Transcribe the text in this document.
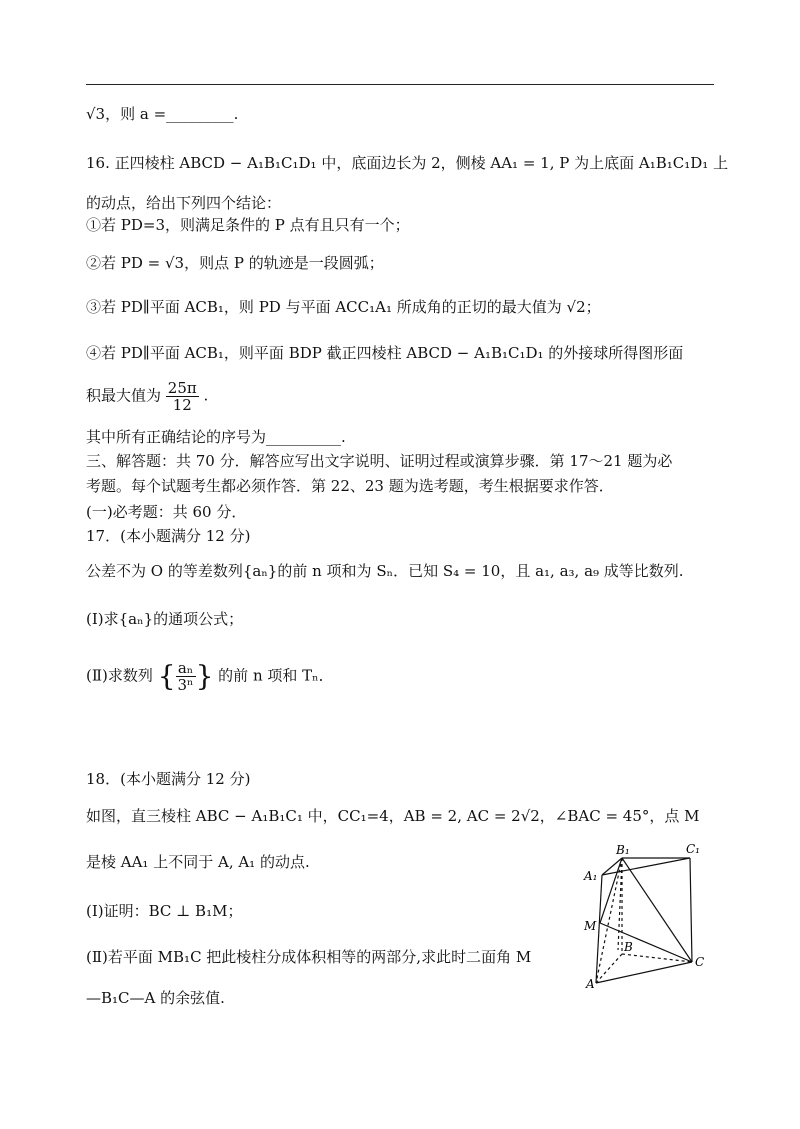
√3，则 a =_________.
16. 正四棱柱 ABCD − A₁B₁C₁D₁ 中，底面边长为 2，侧棱 AA₁ = 1, P 为上底面 A₁B₁C₁D₁ 上
的动点，给出下列四个结论：
①若 PD=3，则满足条件的 P 点有且只有一个；
②若 PD = √3，则点 P 的轨迹是一段圆弧；
③若 PD∥平面 ACB₁，则 PD 与平面 ACC₁A₁ 所成角的正切的最大值为 √2；
④若 PD∥平面 ACB₁，则平面 BDP 截正四棱柱 ABCD − A₁B₁C₁D₁ 的外接球所得图形面
积最大值为 $\frac{25\pi}{12}$ .
其中所有正确结论的序号为__________.
三、解答题：共 70 分．解答应写出文字说明、证明过程或演算步骤．第 17～21 题为必
考题。每个试题考生都必须作答．第 22、23 题为选考题，考生根据要求作答．
(一)必考题：共 60 分．
17．(本小题满分 12 分)
公差不为 O 的等差数列{aₙ}的前 n 项和为 Sₙ．已知 S₄ = 10，且 a₁, a₃, a₉ 成等比数列.
(I)求{aₙ}的通项公式；
(Ⅱ)求数列 { $\frac{\text{aₙ}}{\text{3ⁿ}}$ } 的前 n 项和 Tₙ．
18．(本小题满分 12 分)
如图，直三棱柱 ABC − A₁B₁C₁ 中，CC₁=4，AB = 2, AC = 2√2，∠BAC = 45°，点 M
是棱 AA₁ 上不同于 A, A₁ 的动点.
(I)证明：BC ⊥ B₁M；
(Ⅱ)若平面 MB₁C 把此棱柱分成体积相等的两部分,求此时二面角 M
—B₁C—A 的余弦值.
B₁	C₁
A₁
M
B
C
A
